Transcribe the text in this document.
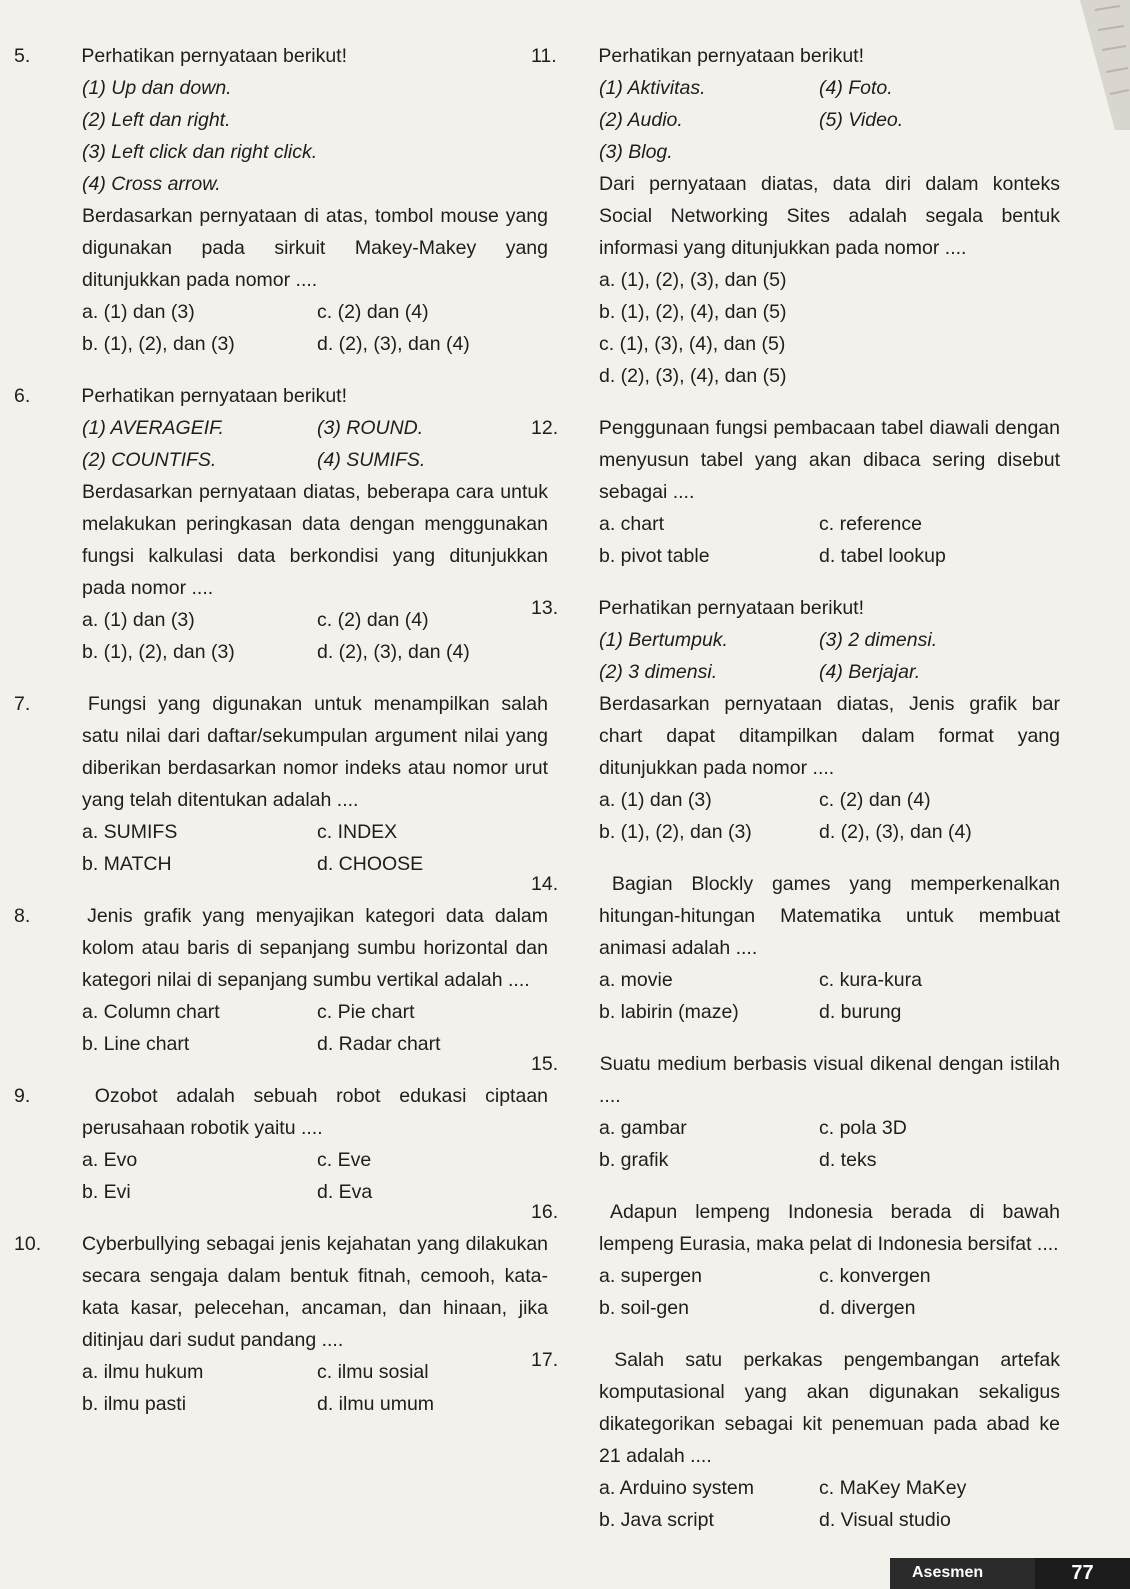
5.	Perhatikan pernyataan berikut!
(1) Up dan down.
(2) Left dan right.
(3) Left click dan right click.
(4) Cross arrow.
Berdasarkan pernyataan di atas, tombol mouse yang digunakan pada sirkuit Makey-Makey yang ditunjukkan pada nomor ....
a. (1) dan (3)	c. (2) dan (4)
b. (1), (2), dan (3)	d. (2), (3), dan (4)
6.	Perhatikan pernyataan berikut!
(1) AVERAGEIF.	(3) ROUND.
(2) COUNTIFS.	(4) SUMIFS.
Berdasarkan pernyataan diatas, beberapa cara untuk melakukan peringkasan data dengan menggunakan fungsi kalkulasi data berkondisi yang ditunjukkan pada nomor ....
a. (1) dan (3)	c. (2) dan (4)
b. (1), (2), dan (3)	d. (2), (3), dan (4)
7.	Fungsi yang digunakan untuk menampilkan salah satu nilai dari daftar/sekumpulan argument nilai yang diberikan berdasarkan nomor indeks atau nomor urut yang telah ditentukan adalah ....
a. SUMIFS	c. INDEX
b. MATCH	d. CHOOSE
8.	Jenis grafik yang menyajikan kategori data dalam kolom atau baris di sepanjang sumbu horizontal dan kategori nilai di sepanjang sumbu vertikal adalah ....
a. Column chart	c. Pie chart
b. Line chart	d. Radar chart
9.	Ozobot adalah sebuah robot edukasi ciptaan perusahaan robotik yaitu ....
a. Evo	c. Eve
b. Evi	d. Eva
10. Cyberbullying sebagai jenis kejahatan yang dilakukan secara sengaja dalam bentuk fitnah, cemooh, kata-kata kasar, pelecehan, ancaman, dan hinaan, jika ditinjau dari sudut pandang ....
a. ilmu hukum	c. ilmu sosial
b. ilmu pasti	d. ilmu umum
11. Perhatikan pernyataan berikut!
(1) Aktivitas.	(4) Foto.
(2) Audio.	(5) Video.
(3) Blog.
Dari pernyataan diatas, data diri dalam konteks Social Networking Sites adalah segala bentuk informasi yang ditunjukkan pada nomor ....
a. (1), (2), (3), dan (5)
b. (1), (2), (4), dan (5)
c. (1), (3), (4), dan (5)
d. (2), (3), (4), dan (5)
12. Penggunaan fungsi pembacaan tabel diawali dengan menyusun tabel yang akan dibaca sering disebut sebagai ....
a. chart	c. reference
b. pivot table	d. tabel lookup
13. Perhatikan pernyataan berikut!
(1) Bertumpuk.	(3) 2 dimensi.
(2) 3 dimensi.	(4) Berjajar.
Berdasarkan pernyataan diatas, Jenis grafik bar chart dapat ditampilkan dalam format yang ditunjukkan pada nomor ....
a. (1) dan (3)	c. (2) dan (4)
b. (1), (2), dan (3)	d. (2), (3), dan (4)
14.	Bagian Blockly games yang memperkenalkan hitungan-hitungan Matematika untuk membuat animasi adalah ....
a. movie	c. kura-kura
b. labirin (maze)	d. burung
15. Suatu medium berbasis visual dikenal dengan istilah ....
a. gambar	c. pola 3D
b. grafik	d. teks
16.	Adapun lempeng Indonesia berada di bawah lempeng Eurasia, maka pelat di Indonesia bersifat ....
a. supergen	c. konvergen
b. soil-gen	d. divergen
17.	Salah satu perkakas pengembangan artefak komputasional yang akan digunakan sekaligus dikategorikan sebagai kit penemuan pada abad ke 21 adalah ....
a. Arduino system	c. MaKey MaKey
b. Java script	d. Visual studio
Asesmen	77
